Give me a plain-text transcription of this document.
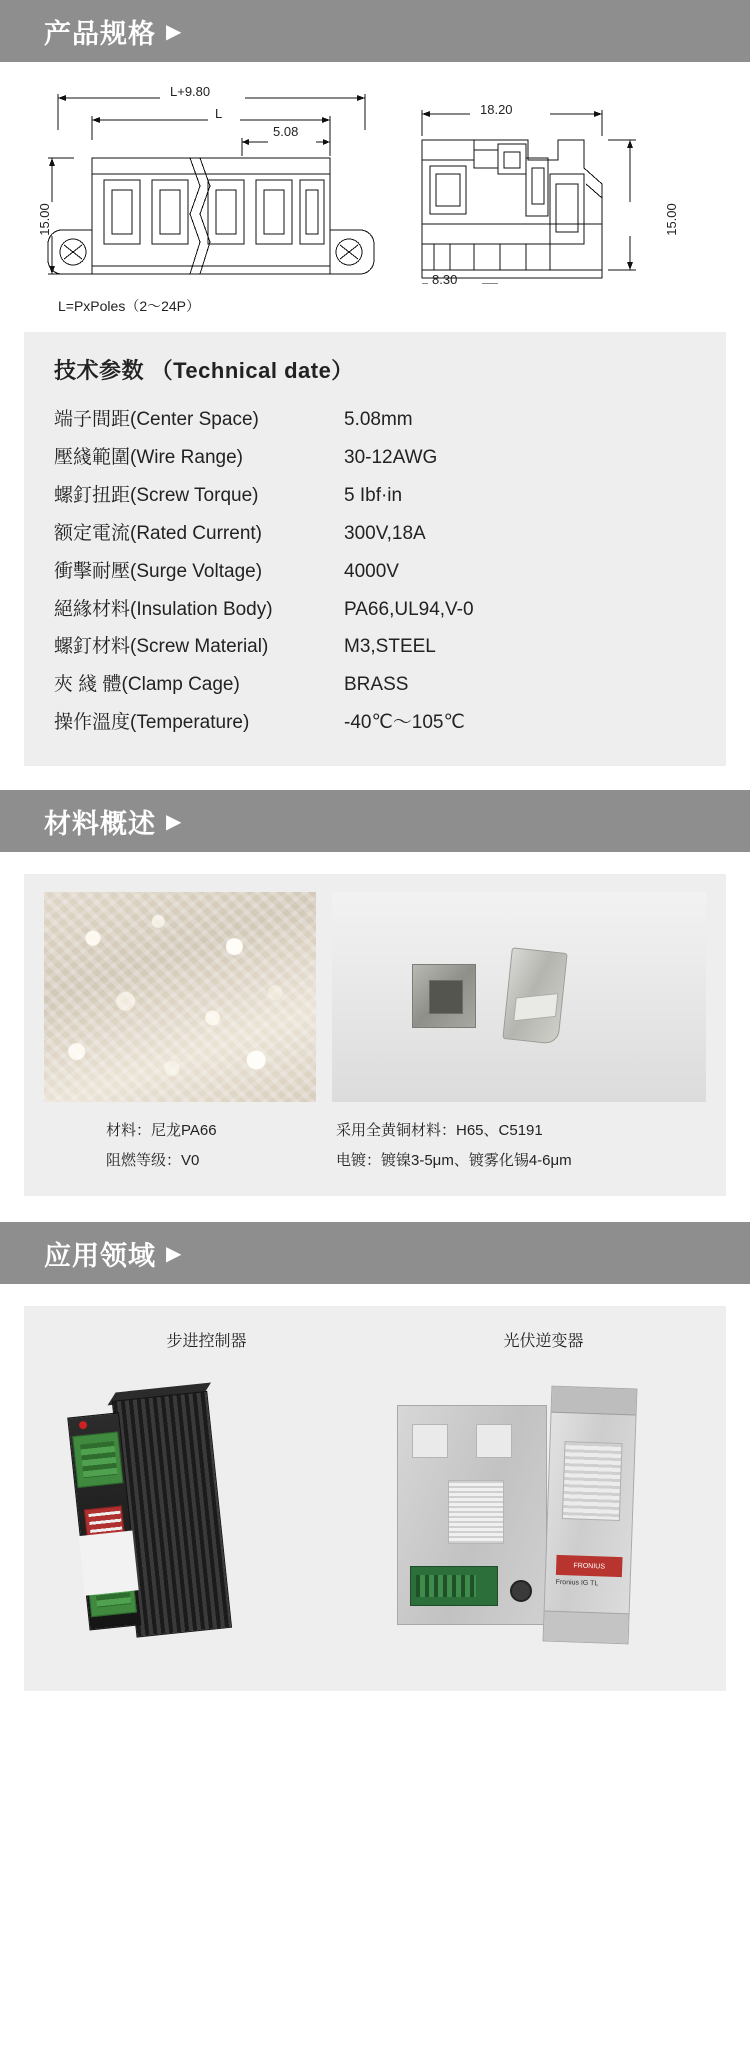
产品规格 ▶
L+9.80
L
5.08
15.00
18.20
15.00
8.30
L=PxPoles（2～24P）
技术参数 （Technical date）
端子間距(Center Space)	5.08mm
壓綫範圍(Wire Range)	30-12AWG
螺釘扭距(Screw Torque)	5 Ibf·in
额定電流(Rated Current)	300V,18A
衝擊耐壓(Surge Voltage)	4000V
絕緣材料(Insulation Body)	PA66,UL94,V-0
螺釘材料(Screw Material)	M3,STEEL
夾 綫 體(Clamp Cage)	BRASS
操作溫度(Temperature)	-40℃～105℃
材料概述 ▶
材料：尼龙PA66
阻燃等级：V0
采用全黄铜材料：H65、C5191
电镀：镀镍3-5μm、镀雾化锡4-6μm
应用领域 ▶
步进控制器	光伏逆变器
FRONIUS
Fronius IG TL
